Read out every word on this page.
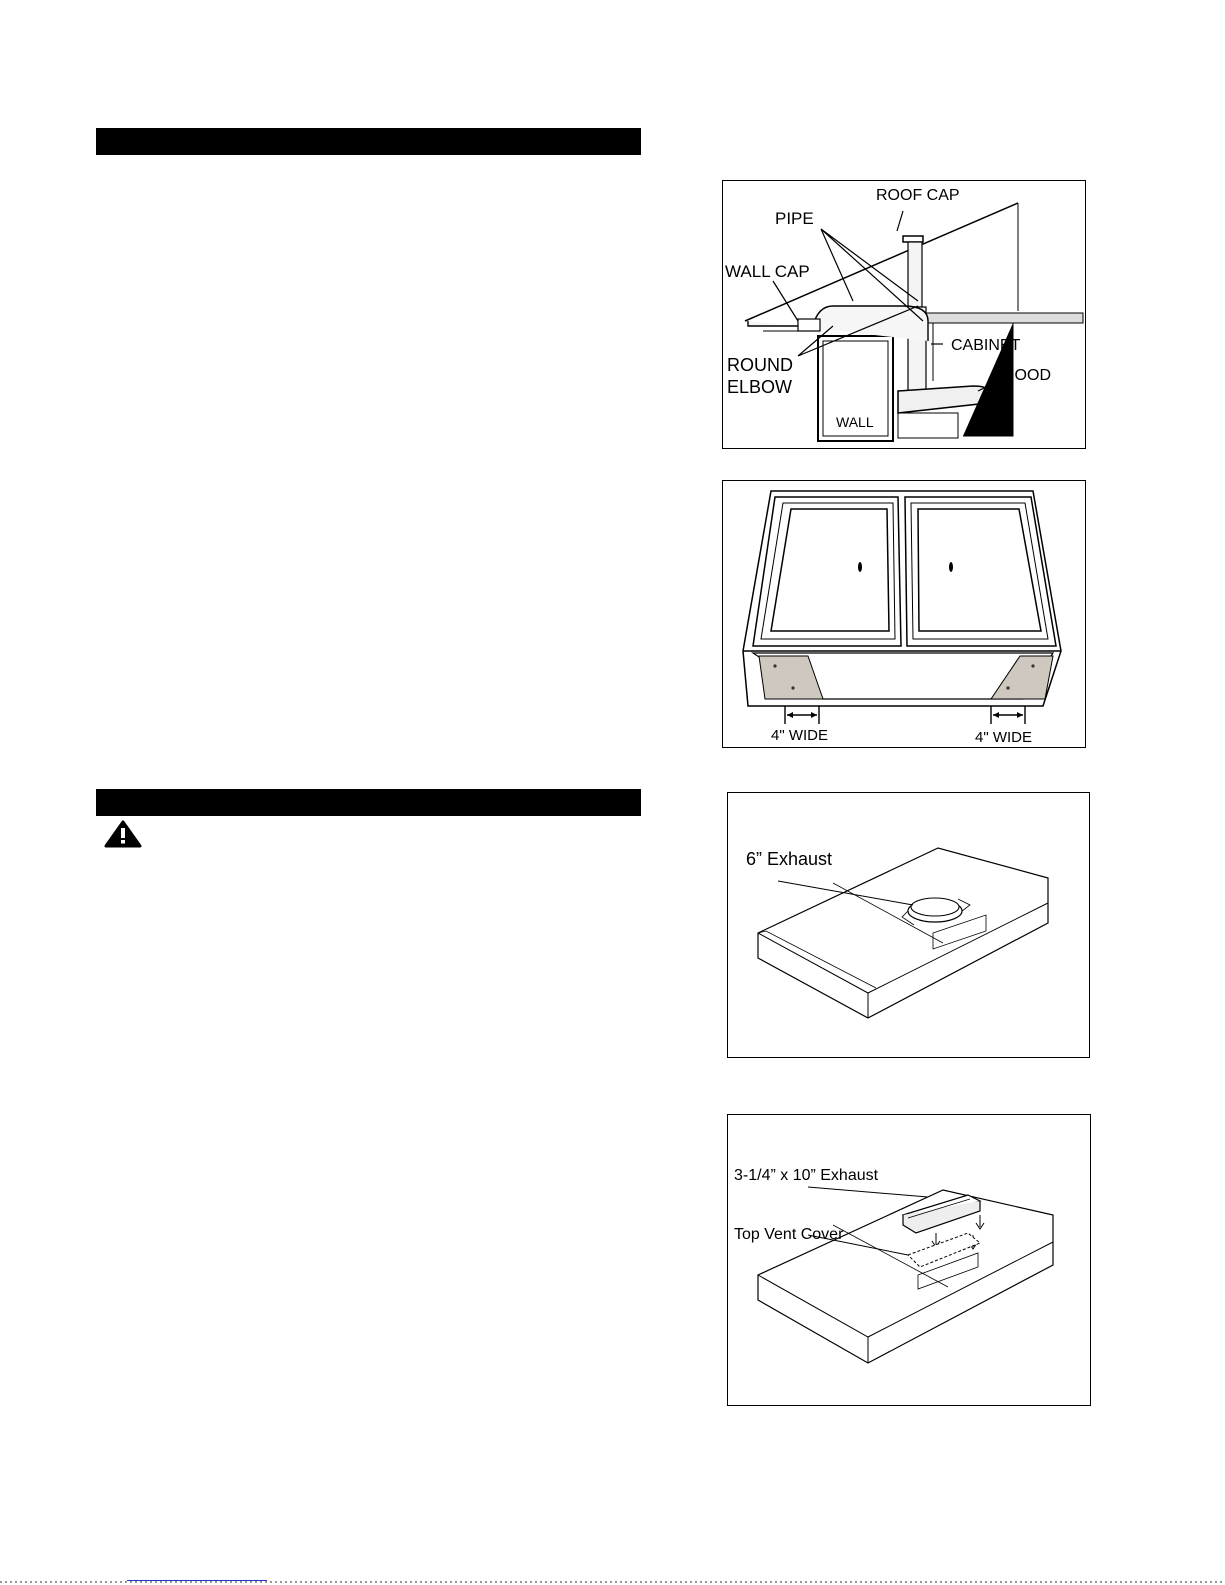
ROOF CAP
PIPE
WALL CAP
ROUND
ELBOW
CABINET
HOOD
WALL
4" WIDE	4" WIDE
6” Exhaust
3-1/4” x 10” Exhaust
Top Vent Cover
